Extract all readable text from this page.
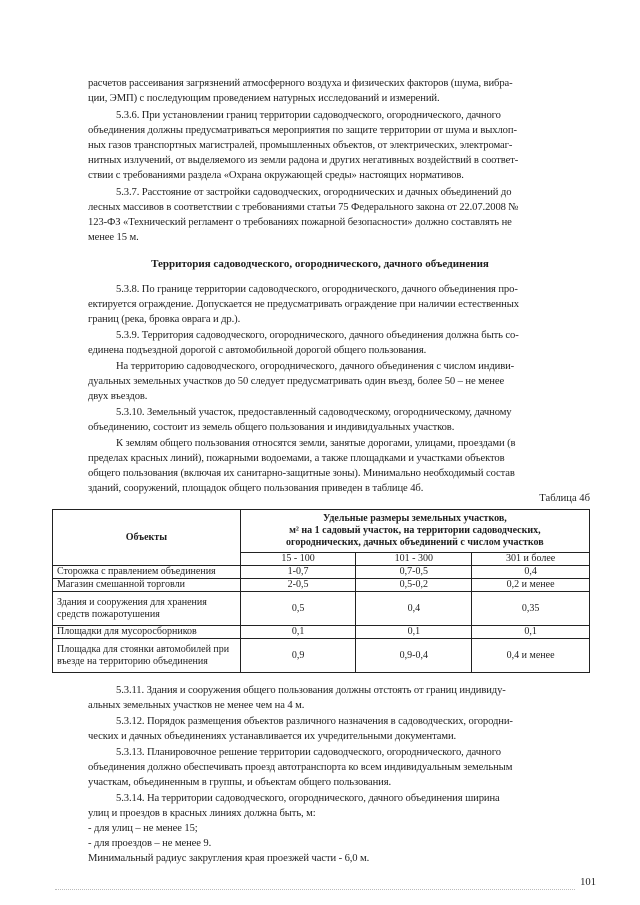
расчетов рассеивания загрязнений атмосферного воздуха и физических факторов (шума, вибра-
ции, ЭМП) с последующим проведением натурных исследований и измерений.
5.3.6. При установлении границ территории садоводческого, огороднического, дачного
объединения должны предусматриваться мероприятия по защите территории от шума и выхлоп-
ных газов транспортных магистралей, промышленных объектов, от электрических, электромаг-
нитных излучений, от выделяемого из земли радона и других негативных воздействий в соответ-
ствии с требованиями раздела «Охрана окружающей среды» настоящих нормативов.
5.3.7. Расстояние от застройки садоводческих, огороднических и дачных объединений до
лесных массивов в соответствии с требованиями статьи 75 Федерального закона от 22.07.2008 №
123-ФЗ «Технический регламент о требованиях пожарной безопасности» должно составлять не
менее 15 м.
Территория садоводческого, огороднического, дачного объединения
5.3.8. По границе территории садоводческого, огороднического, дачного объединения про-
ектируется ограждение. Допускается не предусматривать ограждение при наличии естественных
границ (река, бровка оврага и др.).
5.3.9. Территория садоводческого, огороднического, дачного объединения должна быть со-
единена подъездной дорогой с автомобильной дорогой общего пользования.
На территорию садоводческого, огороднического, дачного объединения с числом индиви-
дуальных земельных участков до 50 следует предусматривать один въезд, более 50 – не менее
двух въездов.
5.3.10. Земельный участок, предоставленный садоводческому, огородническому, дачному
объединению, состоит из земель общего пользования и индивидуальных участков.
К землям общего пользования относятся земли, занятые дорогами, улицами, проездами (в
пределах красных линий), пожарными водоемами, а также площадками и участками объектов
общего пользования (включая их санитарно-защитные зоны). Минимально необходимый состав
зданий, сооружений, площадок общего пользования приведен в таблице 4б.
Таблица 4б
Объекты	Удельные размеры земельных участков,
м² на 1 садовый участок, на территории садоводческих,
огороднических, дачных объединений с числом участков		

	15 - 100	101 - 300	301 и более
Сторожка с правлением объединения	1-0,7	0,7-0,5	0,4
Магазин смешанной торговли	2-0,5	0,5-0,2	0,2 и менее

Здания и сооружения для хранения
средств пожаротушения	0,5	0,4	0,35
Площадки для мусоросборников	0,1	0,1	0,1

Площадка для стоянки автомобилей при
въезде на территорию объединения	0,9	0,9-0,4	0,4 и менее
5.3.11. Здания и сооружения общего пользования должны отстоять от границ индивиду-
альных земельных участков не менее чем на 4 м.
5.3.12. Порядок размещения объектов различного назначения в садоводческих, огородни-
ческих и дачных объединениях устанавливается их учредительными документами.
5.3.13. Планировочное решение территории садоводческого, огороднического, дачного
объединения должно обеспечивать проезд автотранспорта ко всем индивидуальным земельным
участкам, объединенным в группы, и объектам общего пользования.
5.3.14. На территории садоводческого, огороднического, дачного объединения ширина
улиц и проездов в красных линиях должна быть, м:
- для улиц – не менее 15;
- для проездов – не менее 9.
Минимальный радиус закругления края проезжей части - 6,0 м.
101
